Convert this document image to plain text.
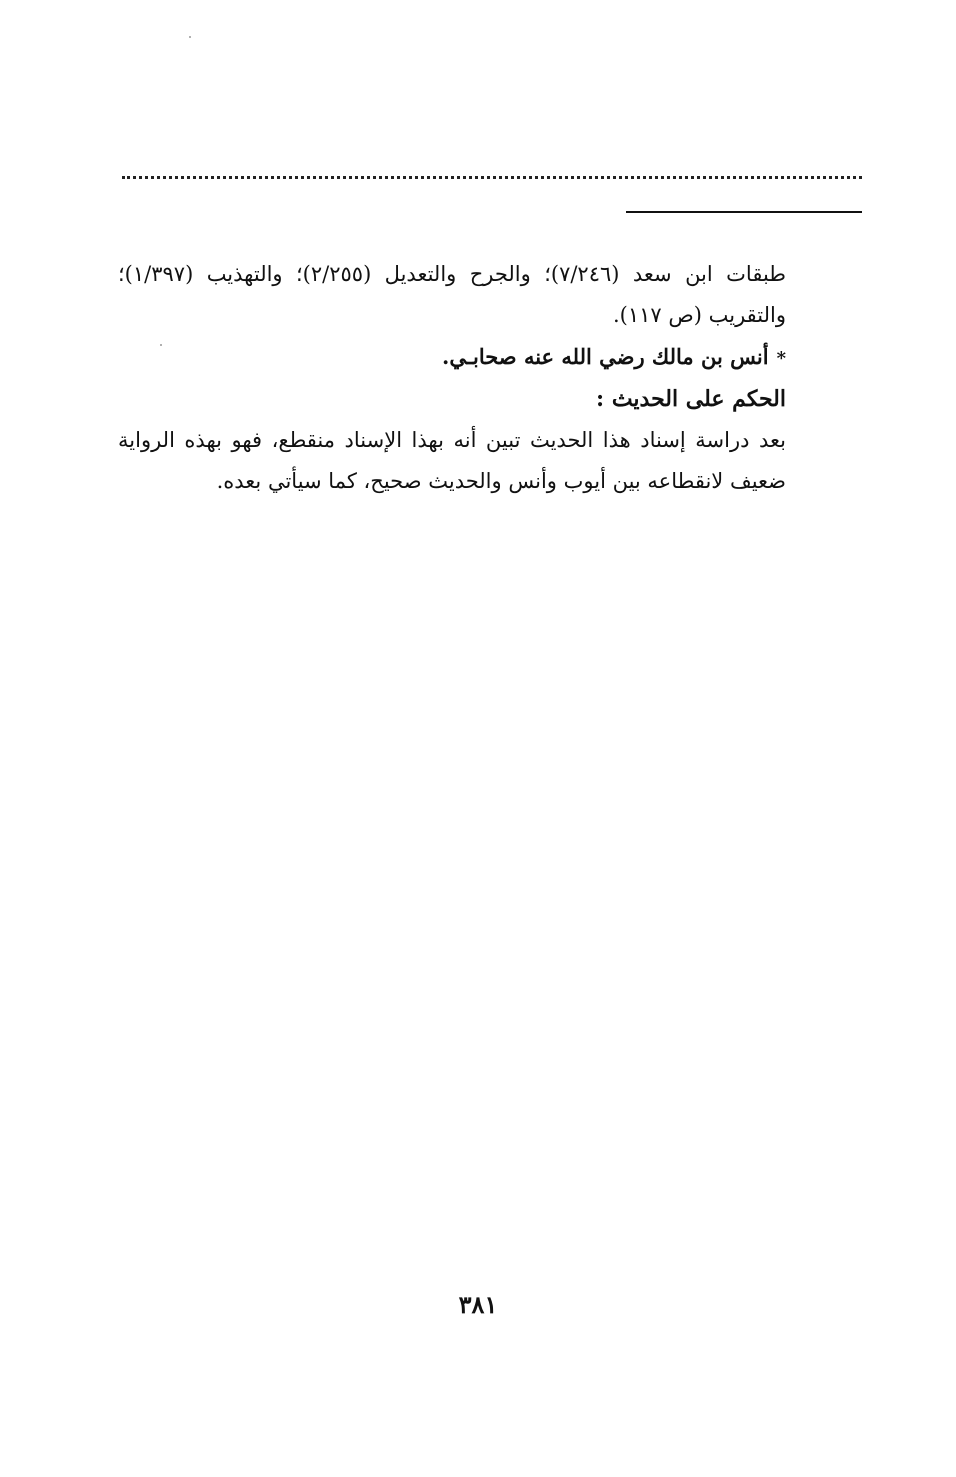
طبقات ابن سعد (٧/٢٤٦)؛ والجرح والتعديل (٢/٢٥٥)؛ والتهذيب (١/٣٩٧)؛ والتقريب (ص ١١٧).

*أنس بن مالك رضي الله عنه صحابـي.

الحكم على الحديث :

بعد دراسة إسناد هذا الحديث تبين أنه بهذا الإسناد منقطع، فهو بهذه الرواية ضعيف لانقطاعه بين أيوب وأنس والحديث صحيح، كما سيأتي بعده.

٣٨١
